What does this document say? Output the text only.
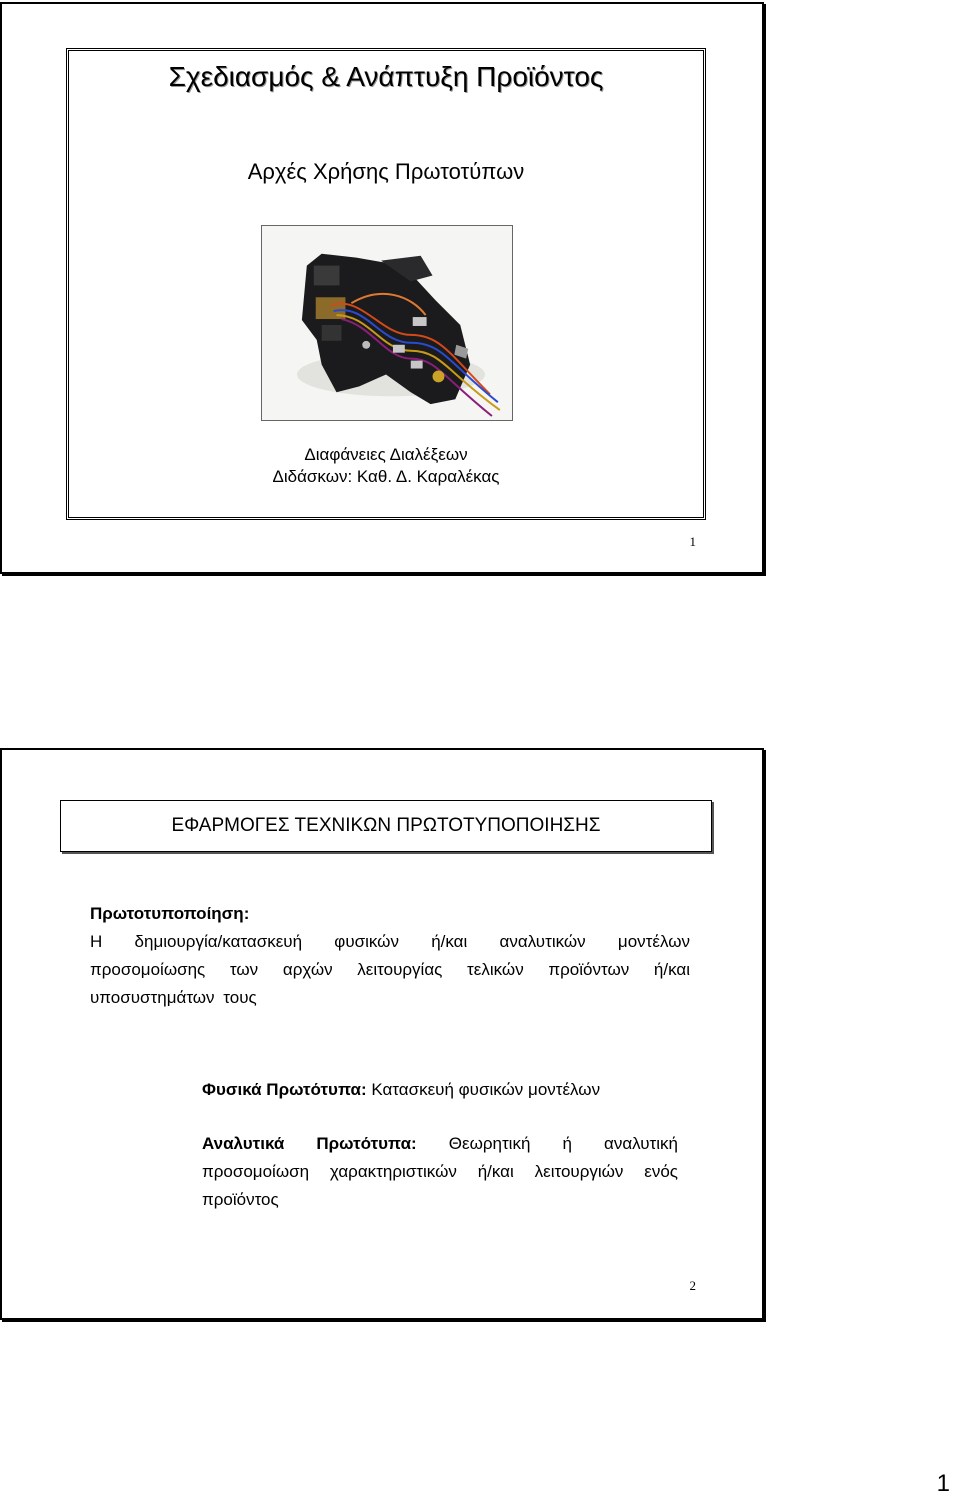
Σχεδιασμός & Ανάπτυξη Προϊόντος
Αρχές Χρήσης Πρωτοτύπων
Διαφάνειες Διαλέξεων
Διδάσκων: Καθ. Δ. Καραλέκας
1
ΕΦΑΡΜΟΓΕΣ ΤΕΧΝΙΚΩΝ ΠΡΩΤΟΤΥΠΟΠΟΙΗΣΗΣ
Πρωτοτυποποίηση:
Η δημιουργία/κατασκευή φυσικών ή/και αναλυτικών μοντέλων προσομοίωσης των αρχών λειτουργίας τελικών προϊόντων ή/και υποσυστημάτων τους
Φυσικά Πρωτότυπα: Κατασκευή φυσικών μοντέλων
Αναλυτικά Πρωτότυπα: Θεωρητική ή αναλυτική προσομοίωση χαρακτηριστικών ή/και λειτουργιών ενός προϊόντος
2
1
